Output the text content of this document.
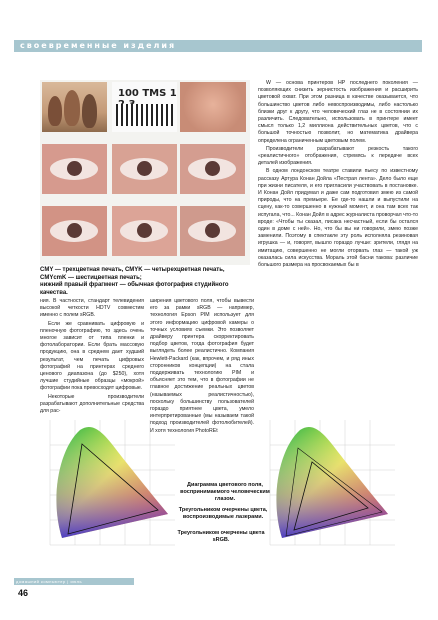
своевременные изделия
100 TMS 1
CMY — трехцветная печать, CMYK — четырехцветная печать,
CMYcmK — шестицветная печать;
нижний правый фрагмент — обычная фотография студийного качества.

W — основа принтеров HP последнего поколения — позволяющих снизить зернистость изображения и расширить цветовой охват. При этом разница в качестве оказывается, что большинство цветов либо невоспроизводимы, либо настолько близки друг к другу, что человеческий глаз не в состоянии их различить. Следовательно, использовать в принтере имеет смысл только 1,2 миллиона действительных цветов, что с большой точностью позволит, но математика драйвера определена ограниченным цветовым полем.

Производители разрабатывают резкость такого «реалистичного» отображения, стремясь к передаче всех деталей изображения.

В одном лондонском театре ставили пьесу по известному рассказу Артура Конан Дойла «Пестрая лента». Дело было еще при жизни писателя, и его пригласили участвовать в постановке. И Конан Дойл придумал и даже сам подготовил змею из самой природы, что на премьере. Ее где-то нашли и выпустили на сцену, как-то совершенно в нужный момент, и она там всех так испугала, что... Конан Дойл в адрес журналиста проворчал что-то вроде: «Чтобы ты сказал, писака несчастный, если бы остался один в доме с ней». Но, что бы вы ни говорили, змею позже заменили. Поэтому в спектакле эту роль исполняла резиновая игрушка — и, говорят, вышло гораздо лучше: зрители, глядя на имитацию, совершенно не могли оторвать глаз — такой уж оказалась сила искусства. Мораль этой басни такова: различие большого размера на просвокаемых бы в

ния. В частности, стандарт телевидения высокой четкости HDTV совместим именно с полем sRGB.

Если же сравнивать цифровую и пленочную фотографию, то здесь очень многое зависит от типа пленки и фотолаборатории. Если брать массовую продукцию, она в среднем дает худший результат, чем печать цифровых фотографий на принтерах среднего ценового диапазона (до $250), хотя лучшие студийные образцы «мокрой» фотографии пока превосходят цифровые.

Некоторые производители разрабатывают дополнительные средства для рас-

ширения цветового поля, чтобы вывести его за рамки sRGB — например, технология Epson PIM использует для этого информацию цифровой камеры о точных условиях съемки. Это позволяет драйверу принтера скорректировать подбор цветов, тогда фотография будет выглядеть более реалистично. Компания Hewlett-Packard (как, впрочем, и ряд иных сторонников концепции) на стала поддерживать технологию PIM и объясняет это тем, что в фотографии не главное достижение реальных цветов (называемых реалистичностью), поскольку большинству пользователей гораздо приятнее цвета, умело интерпретированные (мы называем такой подход производителей фотолюбителей). И хотя технология PhotoREt

Диаграмма цветового поля, воспринимаемого человеческим глазом.
Треугольником очерчены цвета, воспроизводимые лазерами.
Треугольником очерчены цвета sRGB.
домашний компьютер | июль
46
